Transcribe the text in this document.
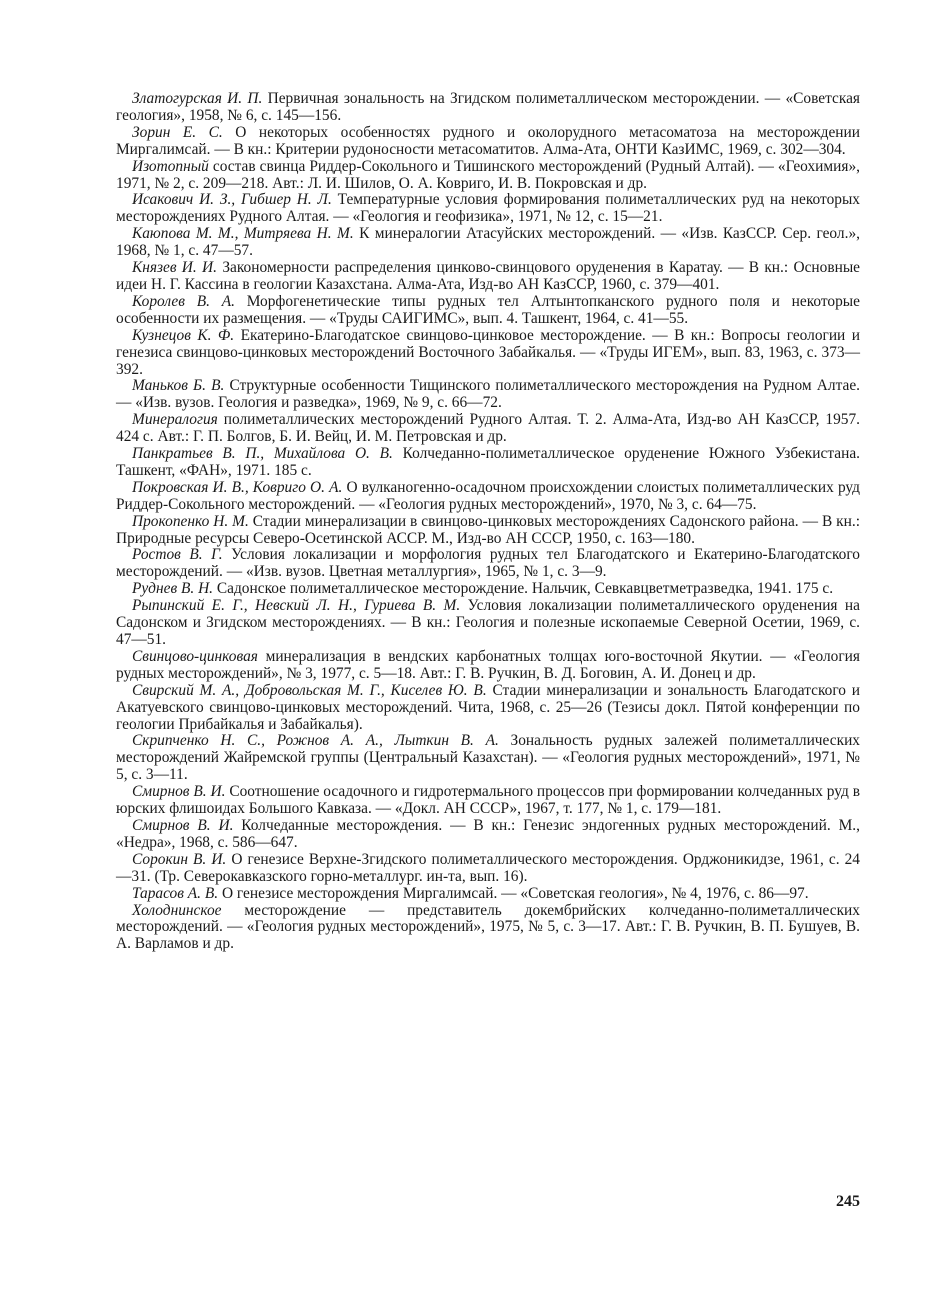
Златогурская И. П. Первичная зональность на Згидском полиметаллическом месторождении. — «Советская геология», 1958, № 6, с. 145—156.

Зорин Е. С. О некоторых особенностях рудного и околорудного метасоматоза на месторождении Миргалимсай. — В кн.: Критерии рудоносности метасоматитов. Алма-Ата, ОНТИ КазИМС, 1969, с. 302—304.

Изотопный состав свинца Риддер-Сокольного и Тишинского месторождений (Рудный Алтай). — «Геохимия», 1971, № 2, с. 209—218. Авт.: Л. И. Шилов, О. А. Ковриго, И. В. Покровская и др.

Исакович И. З., Гибшер Н. Л. Температурные условия формирования полиметаллических руд на некоторых месторождениях Рудного Алтая. — «Геология и геофизика», 1971, № 12, с. 15—21.

Каюпова М. М., Митряева Н. М. К минералогии Атасуйских месторождений. — «Изв. КазССР. Сер. геол.», 1968, № 1, с. 47—57.

Князев И. И. Закономерности распределения цинково-свинцового оруденения в Каратау. — В кн.: Основные идеи Н. Г. Кассина в геологии Казахстана. Алма-Ата, Изд-во АН КазССР, 1960, с. 379—401.

Королев В. А. Морфогенетические типы рудных тел Алтынтопканского рудного поля и некоторые особенности их размещения. — «Труды САИГИМС», вып. 4. Ташкент, 1964, с. 41—55.

Кузнецов К. Ф. Екатерино-Благодатское свинцово-цинковое месторождение. — В кн.: Вопросы геологии и генезиса свинцово-цинковых месторождений Восточного Забайкалья. — «Труды ИГЕМ», вып. 83, 1963, с. 373—392.

Маньков Б. В. Структурные особенности Тищинского полиметаллического месторождения на Рудном Алтае. — «Изв. вузов. Геология и разведка», 1969, № 9, с. 66—72.

Минералогия полиметаллических месторождений Рудного Алтая. Т. 2. Алма-Ата, Изд-во АН КазССР, 1957. 424 с. Авт.: Г. П. Болгов, Б. И. Вейц, И. М. Петровская и др.

Панкратьев В. П., Михайлова О. В. Колчеданно-полиметаллическое оруденение Южного Узбекистана. Ташкент, «ФАН», 1971. 185 с.

Покровская И. В., Ковриго О. А. О вулканогенно-осадочном происхождении слоистых полиметаллических руд Риддер-Сокольного месторождений. — «Геология рудных месторождений», 1970, № 3, с. 64—75.

Прокопенко Н. М. Стадии минерализации в свинцово-цинковых месторождениях Садонского района. — В кн.: Природные ресурсы Северо-Осетинской АССР. М., Изд-во АН СССР, 1950, с. 163—180.

Ростов В. Г. Условия локализации и морфология рудных тел Благодатского и Екатерино-Благодатского месторождений. — «Изв. вузов. Цветная металлургия», 1965, № 1, с. 3—9.

Руднев В. Н. Садонское полиметаллическое месторождение. Нальчик, Севкавцветметразведка, 1941. 175 с.

Рыпинский Е. Г., Невский Л. Н., Гуриева В. М. Условия локализации полиметаллического оруденения на Садонском и Згидском месторождениях. — В кн.: Геология и полезные ископаемые Северной Осетии, 1969, с. 47—51.

Свинцово-цинковая минерализация в вендских карбонатных толщах юго-восточной Якутии. — «Геология рудных месторождений», № 3, 1977, с. 5—18. Авт.: Г. В. Ручкин, В. Д. Боговин, А. И. Донец и др.

Свирский М. А., Добровольская М. Г., Киселев Ю. В. Стадии минерализации и зональность Благодатского и Акатуевского свинцово-цинковых месторождений. Чита, 1968, с. 25—26 (Тезисы докл. Пятой конференции по геологии Прибайкалья и Забайкалья).

Скрипченко Н. С., Рожнов А. А., Лыткин В. А. Зональность рудных залежей полиметаллических месторождений Жайремской группы (Центральный Казахстан). — «Геология рудных месторождений», 1971, № 5, с. 3—11.

Смирнов В. И. Соотношение осадочного и гидротермального процессов при формировании колчеданных руд в юрских флишоидах Большого Кавказа. — «Докл. АН СССР», 1967, т. 177, № 1, с. 179—181.

Смирнов В. И. Колчеданные месторождения. — В кн.: Генезис эндогенных рудных месторождений. М., «Недра», 1968, с. 586—647.

Сорокин В. И. О генезисе Верхне-Згидского полиметаллического месторождения. Орджоникидзе, 1961, с. 24—31. (Тр. Северокавказского горно-металлург. ин-та, вып. 16).

Тарасов А. В. О генезисе месторождения Миргалимсай. — «Советская геология», № 4, 1976, с. 86—97.

Холоднинское месторождение — представитель докембрийских колчеданно-полиметаллических месторождений. — «Геология рудных месторождений», 1975, № 5, с. 3—17. Авт.: Г. В. Ручкин, В. П. Бушуев, В. А. Варламов и др.

245
